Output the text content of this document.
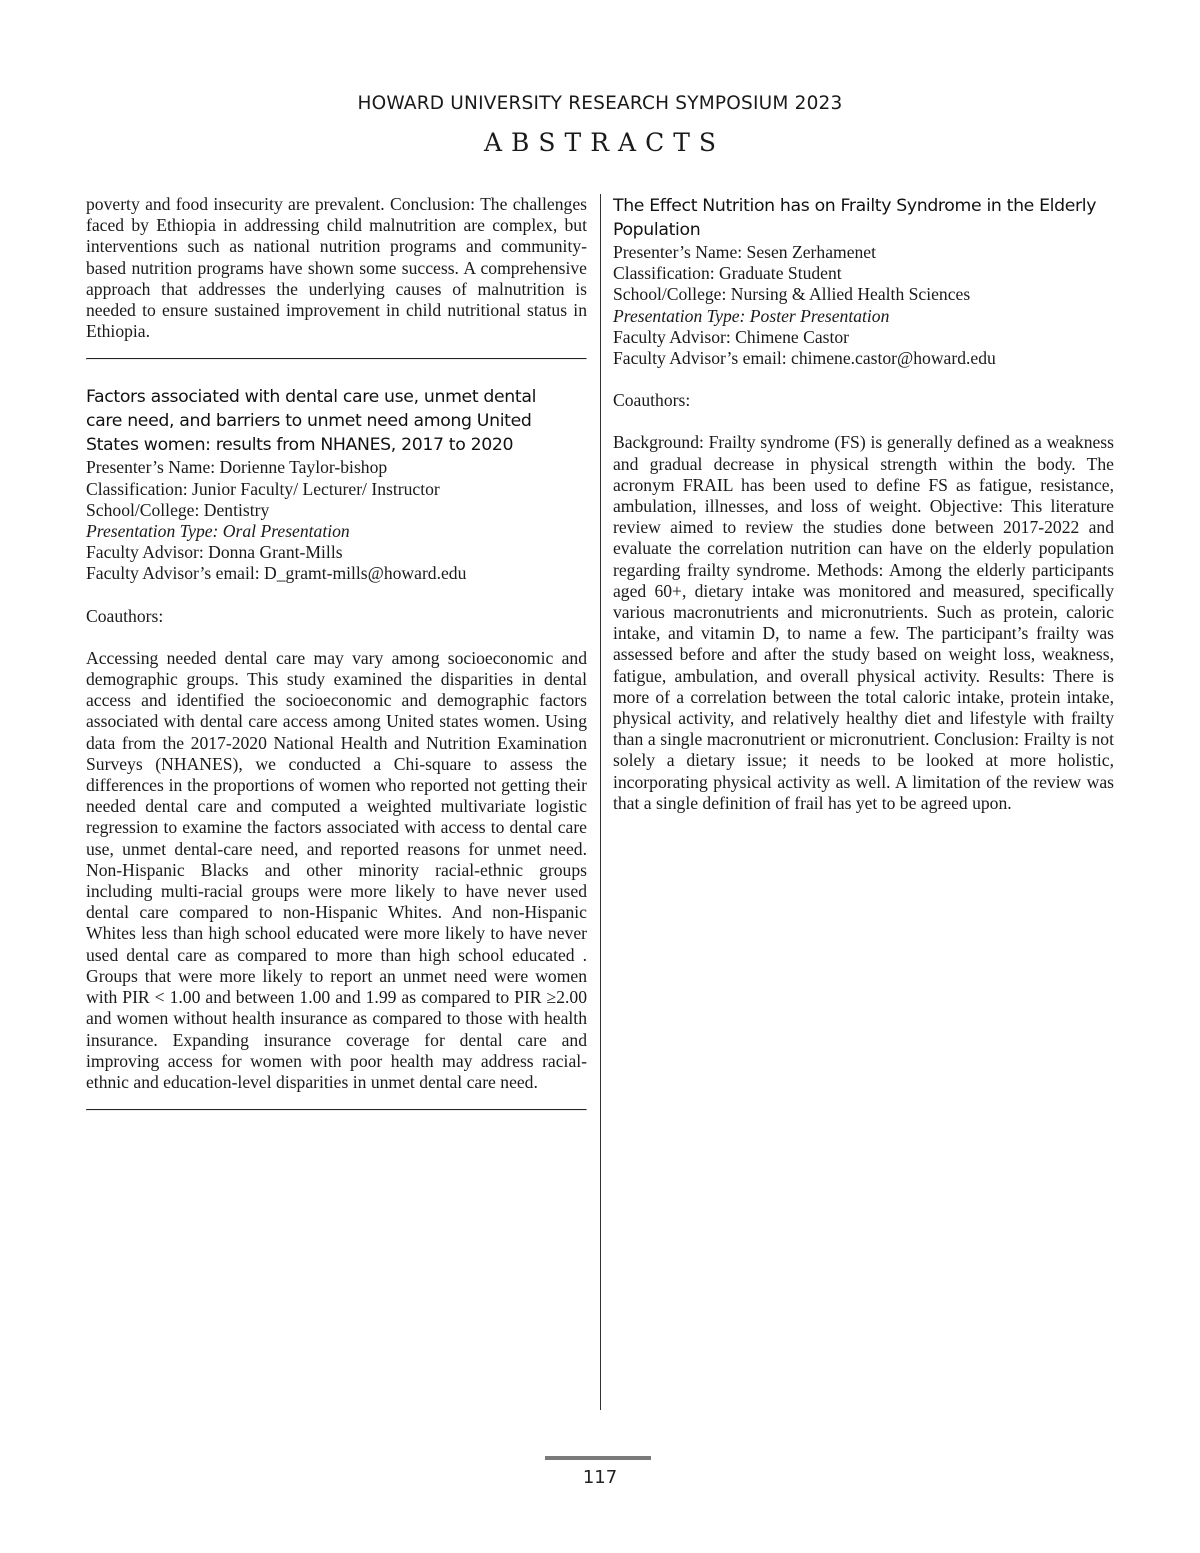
HOWARD UNIVERSITY RESEARCH SYMPOSIUM 2023
ABSTRACTS

poverty and food insecurity are prevalent. Conclusion: The challenges faced by Ethiopia in addressing child malnutrition are complex, but interventions such as national nutrition programs and community-based nutrition programs have shown some success. A comprehensive approach that addresses the underlying causes of malnutrition is needed to ensure sustained improvement in child nutritional status in Ethiopia.

Factors associated with dental care use, unmet dental care need, and barriers to unmet need among United States women: results from NHANES, 2017 to 2020

Presenter’s Name: Dorienne Taylor-bishop

Classification: Junior Faculty/ Lecturer/ Instructor

School/College: Dentistry

Presentation Type: Oral Presentation

Faculty Advisor: Donna Grant-Mills

Faculty Advisor’s email: D_gramt-mills@howard.edu

Coauthors:

Accessing needed dental care may vary among socioeconomic and demographic groups. This study examined the disparities in dental access and identified the socioeconomic and demographic factors associated with dental care access among United states women. Using data from the 2017-2020 National Health and Nutrition Examination Surveys (NHANES), we conducted a Chi-square to assess the differences in the proportions of women who reported not getting their needed dental care and computed a weighted multivariate logistic regression to examine the factors associated with access to dental care use, unmet dental-care need, and reported reasons for unmet need. Non-Hispanic Blacks and other minority racial-ethnic groups including multi-racial groups were more likely to have never used dental care compared to non-Hispanic Whites. And non-Hispanic Whites less than high school educated were more likely to have never used dental care as compared to more than high school educated . Groups that were more likely to report an unmet need were women with PIR < 1.00 and between 1.00 and 1.99 as compared to PIR ≥2.00 and women without health insurance as compared to those with health insurance. Expanding insurance coverage for dental care and improving access for women with poor health may address racial-ethnic and education-level disparities in unmet dental care need.

The Effect Nutrition has on Frailty Syndrome in the Elderly Population

Presenter’s Name: Sesen Zerhamenet

Classification: Graduate Student

School/College: Nursing & Allied Health Sciences

Presentation Type: Poster Presentation

Faculty Advisor: Chimene Castor

Faculty Advisor’s email: chimene.castor@howard.edu

Coauthors:

Background: Frailty syndrome (FS) is generally defined as a weakness and gradual decrease in physical strength within the body. The acronym FRAIL has been used to define FS as fatigue, resistance, ambulation, illnesses, and loss of weight. Objective: This literature review aimed to review the studies done between 2017-2022 and evaluate the correlation nutrition can have on the elderly population regarding frailty syndrome. Methods: Among the elderly participants aged 60+, dietary intake was monitored and measured, specifically various macronutrients and micronutrients. Such as protein, caloric intake, and vitamin D, to name a few. The participant’s frailty was assessed before and after the study based on weight loss, weakness, fatigue, ambulation, and overall physical activity. Results: There is more of a correlation between the total caloric intake, protein intake, physical activity, and relatively healthy diet and lifestyle with frailty than a single macronutrient or micronutrient. Conclusion: Frailty is not solely a dietary issue; it needs to be looked at more holistic, incorporating physical activity as well. A limitation of the review was that a single definition of frail has yet to be agreed upon.

117
